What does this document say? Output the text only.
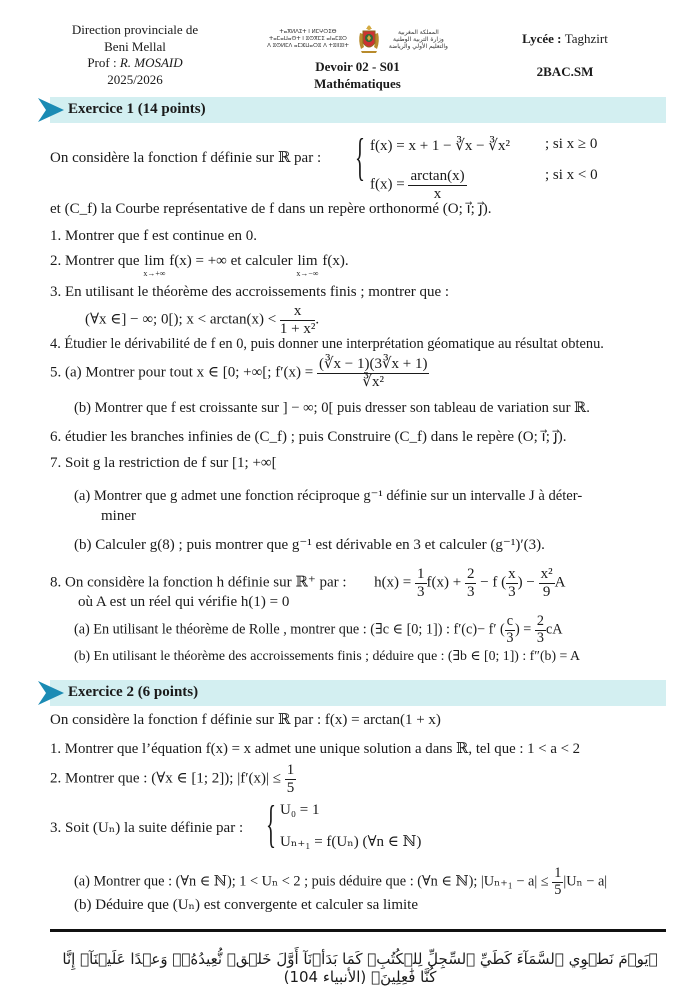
Direction provinciale de
Beni Mellal
Prof : R. MOSAID
2025/2026
ⵜⴰⴳⵍⴷⵉⵜ ⵏ ⵍⵎⵖⵔⵉⴱ
ⵜⴰⵎⴰⵡⴰⵙⵜ ⵏ ⵓⵙⴳⵎⵉ ⴰⵏⴰⵎⵓⵔ
ⴷ ⵓⵙⵍⵎⴷ ⴰⵎⵣⵡⴰⵔⵓ ⴷ ⵜⵓⵏⵏⵓⵏⵜ
المملكة المغربية
وزارة التربية الوطنية
والتعليم الأولي والرياضة
Devoir 02 - S01
Mathématiques
Lycée : Taghzirt
2BAC.SM
Exercice 1 (14 points)
On considère la fonction f définie sur ℝ par : { f(x) = x + 1 − ∛x − ∛x² ; si x ≥ 0
$f(x) = \frac{\arctan(x)}{x}$	; si x < 0
et (C_f) la Courbe représentative de f dans un repère orthonormé (O; i⃗; j⃗).
1. Montrer que f est continue en 0.
2. Montrer que lim
x→+∞
f(x) = +∞ et calculer lim
x→−∞
f(x).
3. En utilisant le théorème des accroissements finis ; montrer que :
(∀x ∈] − ∞; 0[); $x < \arctan(x) < \frac{x}{\text{1 + x²}}$ .
4. Étudier le dérivabilité de f en 0, puis donner une interprétation géomatique au résultat obtenu.
5. (a) Montrer pour tout x ∈ [0; +∞[; $f'(x) = \frac{(∛x - 1)(3∛x + 1)}{\text{∛x²}}$
(b) Montrer que f est croissante sur ] − ∞; 0[ puis dresser son tableau de variation sur ℝ.
6. étudier les branches infinies de (C_f) ; puis Construire (C_f) dans le repère (O; i⃗; j⃗).
7. Soit g la restriction de f sur [1; +∞[
(a) Montrer que g admet une fonction réciproque g⁻¹ définie sur un intervalle J à déter-
miner
(b) Calculer g(8) ; puis montrer que g⁻¹ est dérivable en 3 et calculer (g⁻¹)′(3).
8. On considère la fonction h définie sur ℝ⁺ par : $h(x) = \frac{1}{3} f(x) + \frac{2}{3} - f$ ( $\frac{x}{3}$ ) − $\frac{\text{x²}}{9}$ A
où A est un réel qui vérifie h(1) = 0
(a) En utilisant le théorème de Rolle , montrer que : (∃c ∈ [0; 1]) : f′(c)− f′ ( $\frac{c}{3}$ ) = $\frac{2}{3}$ cA
(b) En utilisant le théorème des accroissements finis ; déduire que : (∃b ∈ [0; 1]) : f″(b) = A
Exercice 2 (6 points)
On considère la fonction f définie sur ℝ par : f(x) = arctan(1 + x)
1. Montrer que l’équation f(x) = x admet une unique solution a dans ℝ, tel que : 1 < a < 2
2. Montrer que : (∀x ∈ [1; 2]); $|f'(x)| \le \frac{1}{5}$
3. Soit (Uₙ) la suite définie par : { U₀ = 1
Uₙ₊₁ = f(Uₙ) (∀n ∈ ℕ)
(a) Montrer que : (∀n ∈ ℕ); 1 < Uₙ < 2 ; puis déduire que : (∀n ∈ ℕ); $|U_{n+1} - a| \le \frac{1}{5} |U_n - a|$
(b) Déduire que (Uₙ) est convergente et calculer sa limite
﴿يَوۡمَ نَطۡوِي ٱلسَّمَآءَ كَطَيِّ ٱلسِّجِلِّ لِلۡكُتُبِۚ كَمَا بَدَأۡنَآ أَوَّلَ خَلۡقٖ نُّعِيدُهُۥۚ وَعۡدًا عَلَيۡنَآۚ إِنَّا كُنَّا فَٰعِلِينَ﴾ (الأنبياء 104)
